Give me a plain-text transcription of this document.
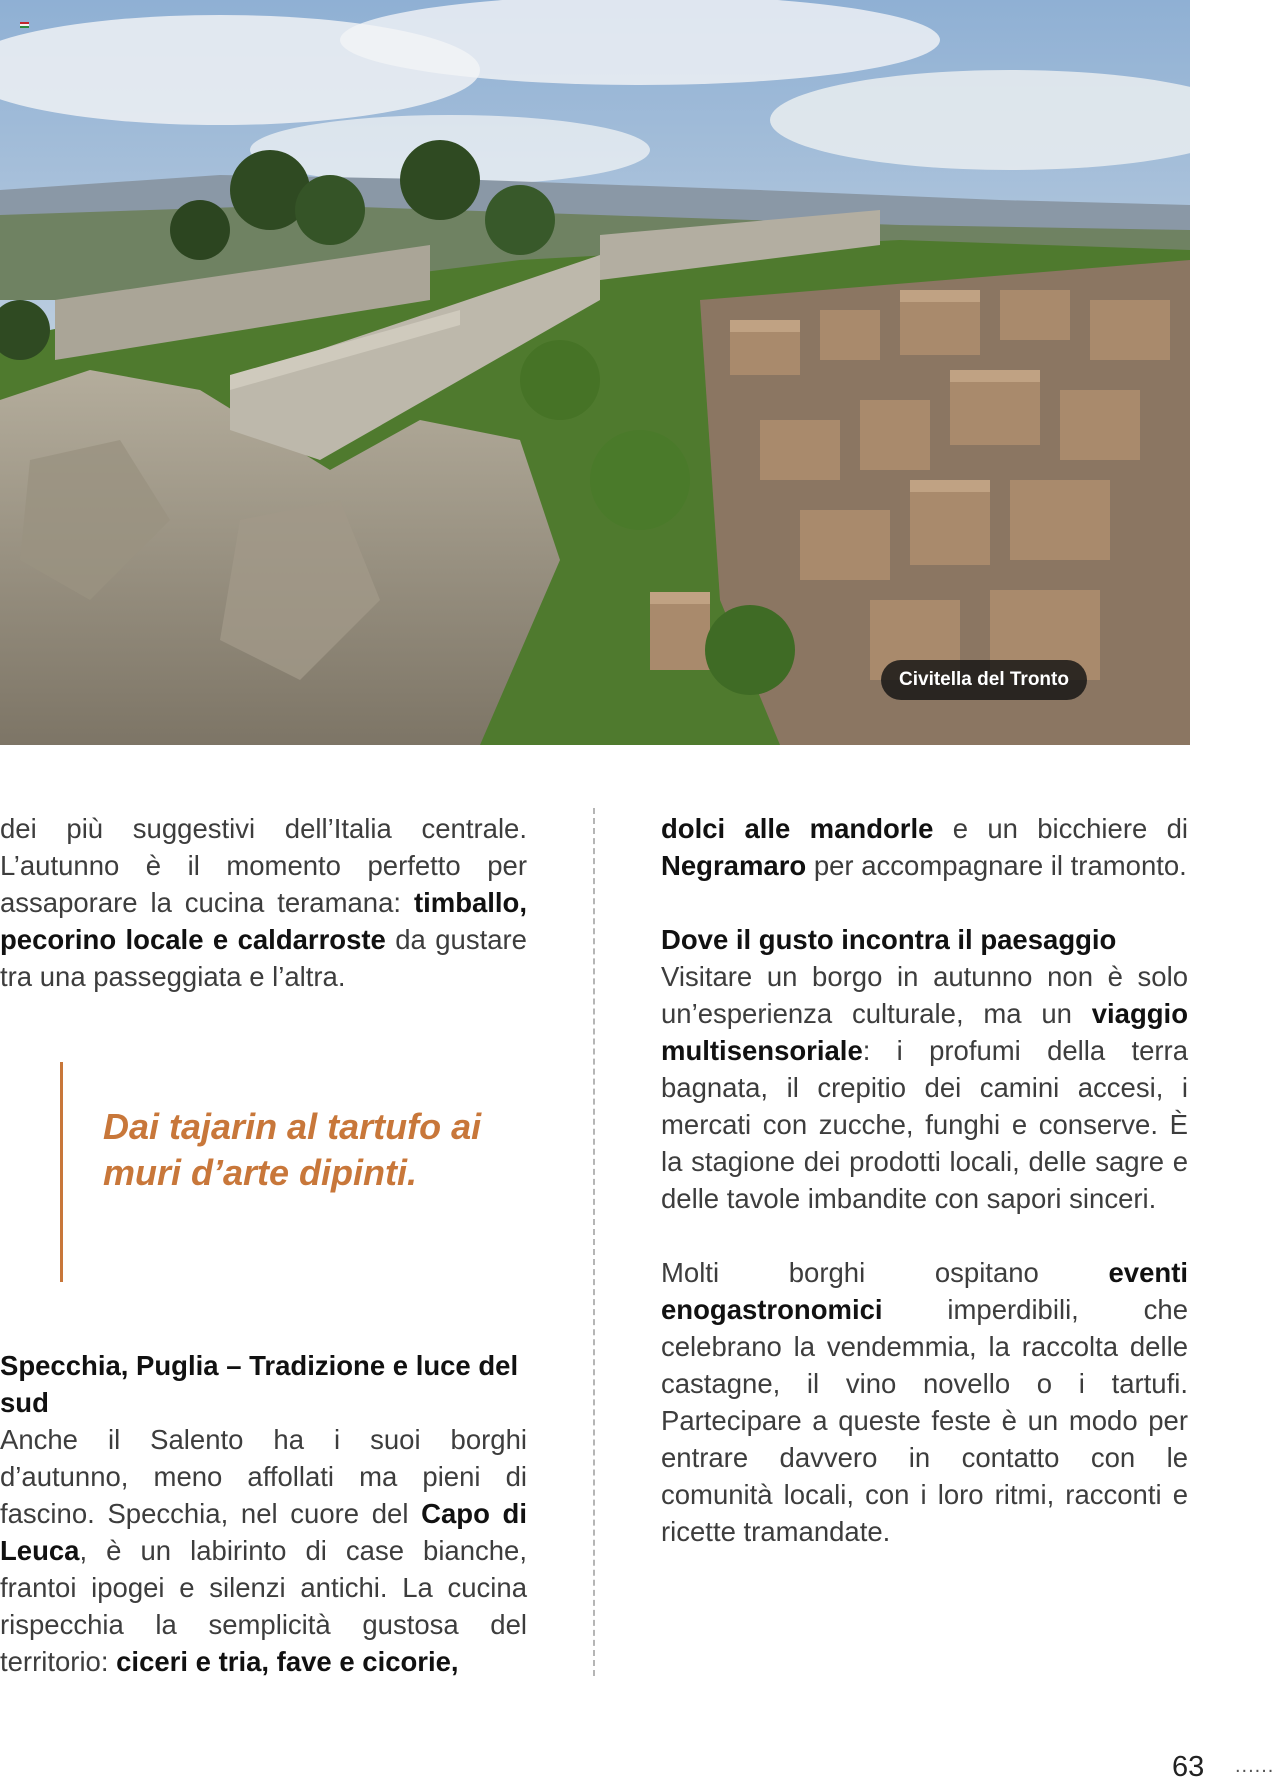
Civitella del Tronto

dei più suggestivi dell’Italia centrale. L’autunno è il momento perfetto per assaporare la cucina teramana: timballo, pecorino locale e caldarroste da gustare tra una passeggiata e l’altra.

Dai tajarin al tartufo ai muri d’arte dipinti.
Specchia, Puglia – Tradizione e luce del sud

Anche il Salento ha i suoi borghi d’autunno, meno affollati ma pieni di fascino. Specchia, nel cuore del Capo di Leuca, è un labirinto di case bianche, frantoi ipogei e silenzi antichi. La cucina rispecchia la semplicità gustosa del territorio: ciceri e tria, fave e cicorie,

dolci alle mandorle e un bicchiere di Negramaro per accompagnare il tramonto.

Dove il gusto incontra il paesaggio

Visitare un borgo in autunno non è solo un’esperienza culturale, ma un viaggio multisensoriale: i profumi della terra bagnata, il crepitio dei camini accesi, i mercati con zucche, funghi e conserve. È la stagione dei prodotti locali, delle sagre e delle tavole imbandite con sapori sinceri.

Molti borghi ospitano eventi enogastronomici imperdibili, che celebrano la vendemmia, la raccolta delle castagne, il vino novello o i tartufi. Partecipare a queste feste è un modo per entrare davvero in contatto con le comunità locali, con i loro ritmi, racconti e ricette tramandate.

63 ......
